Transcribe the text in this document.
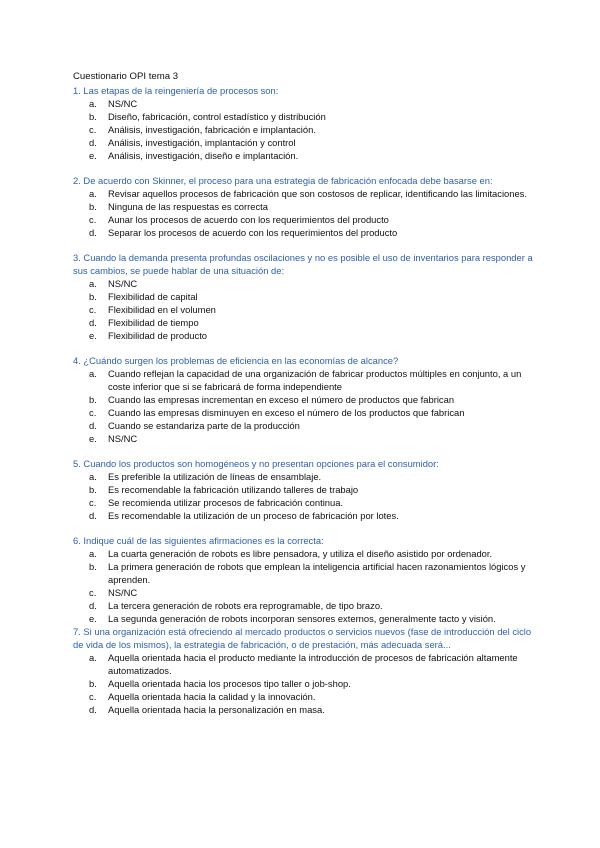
Cuestionario OPI tema 3

1. Las etapas de la reingeniería de procesos son:

a.	NS/NC
b.	Diseño, fabricación, control estadístico y distribución
c.	Análisis, investigación, fabricación e implantación.
d.	Análisis, investigación, implantación y control
e.	Análisis, investigación, diseño e implantación.

2. De acuerdo con Skinner, el proceso para una estrategia de fabricación enfocada debe basarse en:

a.	Revisar aquellos procesos de fabricación que son costosos de replicar, identificando las limitaciones.
b.	Ninguna de las respuestas es correcta
c.	Aunar los procesos de acuerdo con los requerimientos del producto
d.	Separar los procesos de acuerdo con los requerimientos del producto

3. Cuando la demanda presenta profundas oscilaciones y no es posible el uso de inventarios para responder a sus cambios, se puede hablar de una situación de:

a.	NS/NC
b.	Flexibilidad de capital
c.	Flexibilidad en el volumen
d.	Flexibilidad de tiempo
e.	Flexibilidad de producto

4. ¿Cuándo surgen los problemas de eficiencia en las economías de alcance?

a.	Cuando reflejan la capacidad de una organización de fabricar productos múltiples en conjunto, a un coste inferior que si se fabricará de forma independiente
b.	Cuando las empresas incrementan en exceso el número de productos que fabrican
c.	Cuando las empresas disminuyen en exceso el número de los productos que fabrican
d.	Cuando se estandariza parte de la producción
e.	NS/NC

5. Cuando los productos son homogéneos y no presentan opciones para el consumidor:

a.	Es preferible la utilización de líneas de ensamblaje.
b.	Es recomendable la fabricación utilizando talleres de trabajo
c.	Se recomienda utilizar procesos de fabricación continua.
d.	Es recomendable la utilización de un proceso de fabricación por lotes.

6. Indique cuál de las siguientes afirmaciones es la correcta:

a.	La cuarta generación de robots es libre pensadora, y utiliza el diseño asistido por ordenador.
b.	La primera generación de robots que emplean la inteligencia artificial hacen razonamientos lógicos y aprenden.
c.	NS/NC
d.	La tercera generación de robots era reprogramable, de tipo brazo.
e.	La segunda generación de robots incorporan sensores externos, generalmente tacto y visión.

7. Si una organización está ofreciendo al mercado productos o servicios nuevos (fase de introducción del ciclo de vida de los mismos), la estrategia de fabricación, o de prestación, más adecuada será...

a.	Aquella orientada hacia el producto mediante la introducción de procesos de fabricación altamente automatizados.
b.	Aquella orientada hacia los procesos tipo taller o job-shop.
c.	Aquella orientada hacia la calidad y la innovación.
d.	Aquella orientada hacia la personalización en masa.
